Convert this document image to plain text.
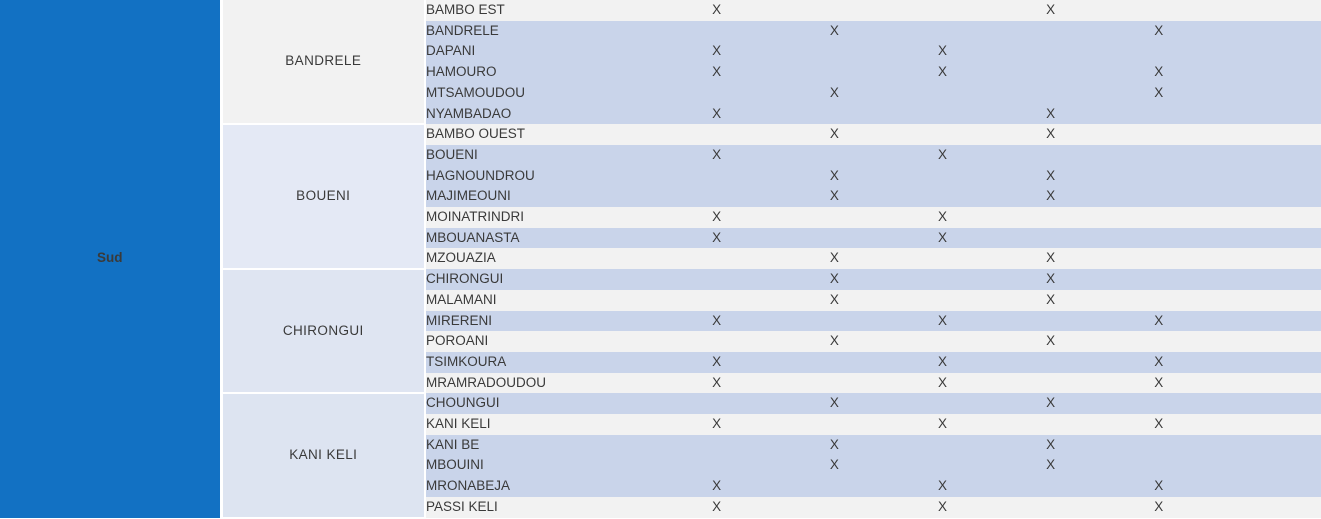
Sud	BANDRELE	BAMBO EST	X			X		
		BANDRELE		X			X	
		DAPANI	X		X			
		HAMOURO	X		X		X	
		MTSAMOUDOU		X			X	
		NYAMBADAO	X			X		
	BOUENI	BAMBO OUEST		X		X		
		BOUENI	X		X			
		HAGNOUNDROU		X		X		
		MAJIMEOUNI		X		X		
		MOINATRINDRI	X		X			
		MBOUANASTA	X		X			
		MZOUAZIA		X		X		
	CHIRONGUI	CHIRONGUI		X		X		
		MALAMANI		X		X		
		MIRERENI	X		X		X	
		POROANI		X		X		
		TSIMKOURA	X		X		X	
		MRAMRADOUDOU	X		X		X	
	KANI KELI	CHOUNGUI		X		X		
		KANI KELI	X		X		X	
		KANI BE		X		X		
		MBOUINI		X		X		
		MRONABEJA	X		X		X	
		PASSI KELI	X		X		X	
